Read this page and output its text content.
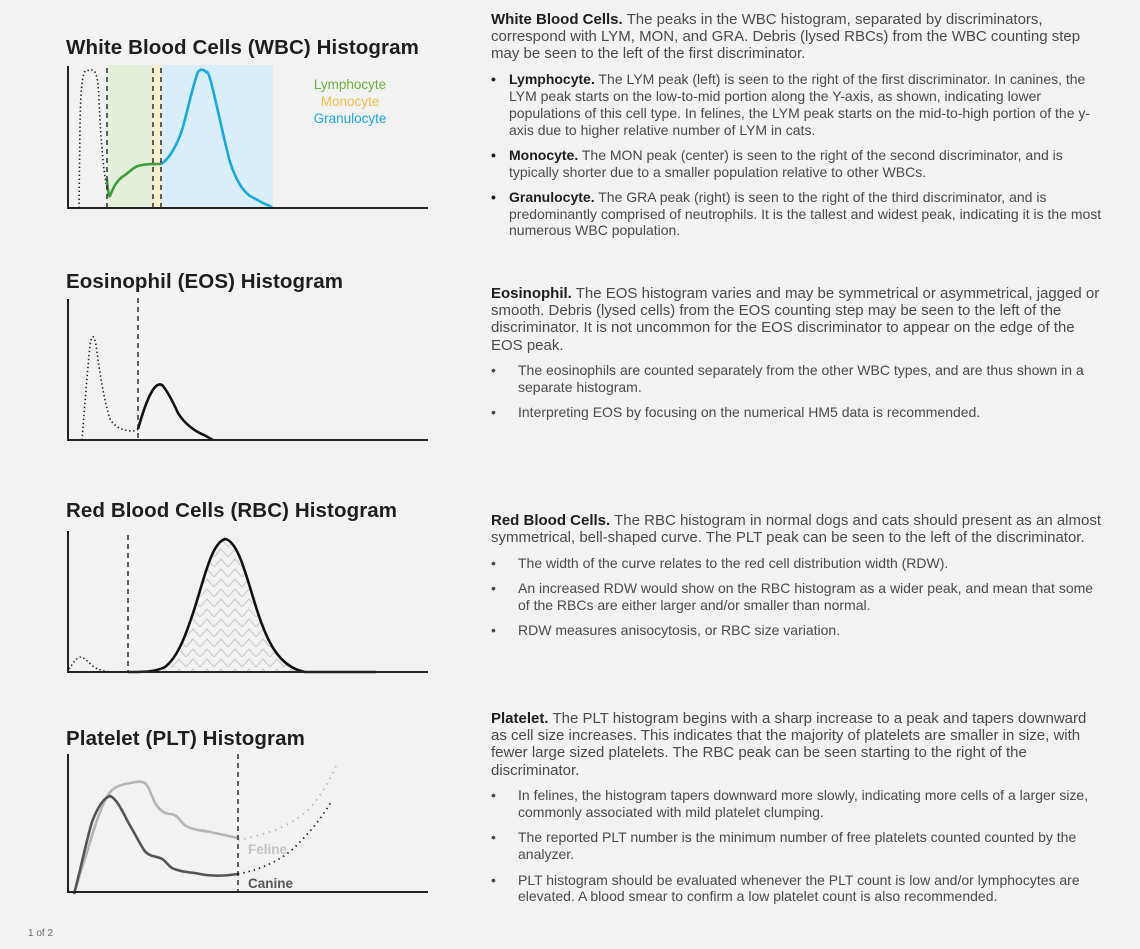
White Blood Cells (WBC) Histogram
Lymphocyte
Monocyte
Granulocyte

White Blood Cells. The peaks in the WBC histogram, separated by discriminators, correspond with LYM, MON, and GRA. Debris (lysed RBCs) from the WBC counting step may be seen to the left of the first discriminator.

• Lymphocyte. The LYM peak (left) is seen to the right of the first discriminator. In canines, the LYM peak starts on the low-to-mid portion along the Y-axis, as shown, indicating lower populations of this cell type. In felines, the LYM peak starts on the mid-to-high portion of the y-axis due to higher relative number of LYM in cats.
• Monocyte. The MON peak (center) is seen to the right of the second discriminator, and is typically shorter due to a smaller population relative to other WBCs.
• Granulocyte. The GRA peak (right) is seen to the right of the third discriminator, and is predominantly comprised of neutrophils. It is the tallest and widest peak, indicating it is the most numerous WBC population.
Eosinophil (EOS) Histogram

Eosinophil. The EOS histogram varies and may be symmetrical or asymmetrical, jagged or smooth. Debris (lysed cells) from the EOS counting step may be seen to the left of the discriminator. It is not uncommon for the EOS discriminator to appear on the edge of the EOS peak.

• The eosinophils are counted separately from the other WBC types, and are thus shown in a separate histogram.
• Interpreting EOS by focusing on the numerical HM5 data is recommended.
Red Blood Cells (RBC) Histogram	Red Blood Cells. The RBC histogram in normal dogs and cats should present as an almost symmetrical, bell-shaped curve. The PLT peak can be seen to the left of the discriminator.

• The width of the curve relates to the red cell distribution width (RDW).
• An increased RDW would show on the RBC histogram as a wider peak, and mean that some of the RBCs are either larger and/or smaller than normal.
• RDW measures anisocytosis, or RBC size variation.
Platelet (PLT) Histogram
Feline
Canine

Platelet. The PLT histogram begins with a sharp increase to a peak and tapers downward as cell size increases. This indicates that the majority of platelets are smaller in size, with fewer large sized platelets. The RBC peak can be seen starting to the right of the discriminator.

• In felines, the histogram tapers downward more slowly, indicating more cells of a larger size, commonly associated with mild platelet clumping.
• The reported PLT number is the minimum number of free platelets counted counted by the analyzer.
• PLT histogram should be evaluated whenever the PLT count is low and/or lymphocytes are elevated. A blood smear to confirm a low platelet count is also recommended.
1 of 2
